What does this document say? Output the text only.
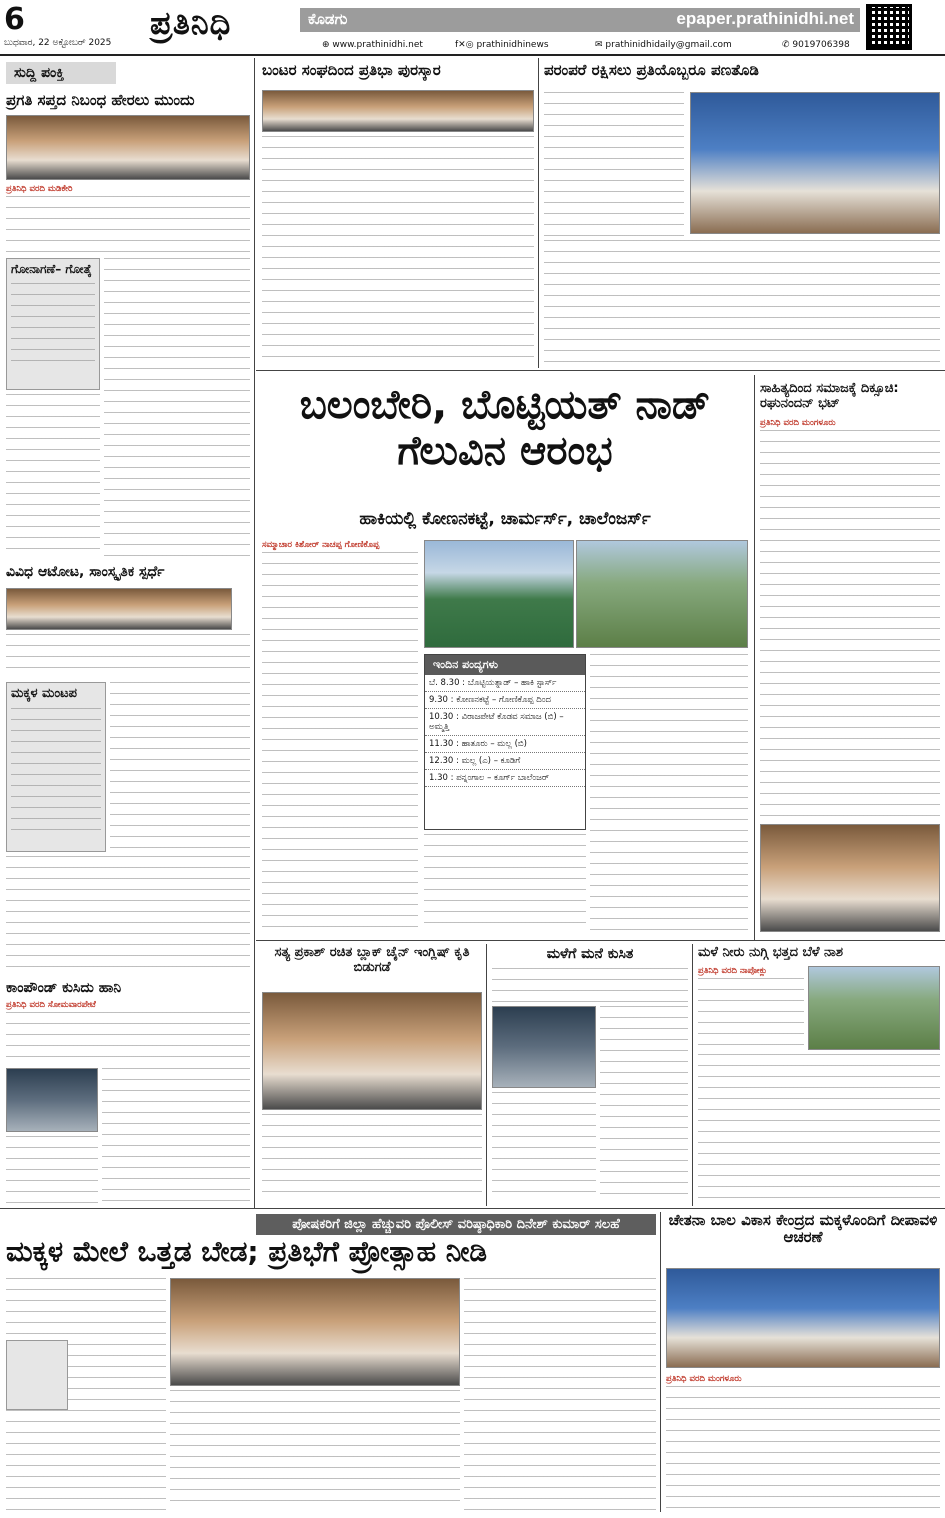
6
ಬುಧವಾರ, 22 ಅಕ್ಟೋಬರ್ 2025
ಪ್ರತಿನಿಧಿ	ಕೊಡಗು	epaper.prathinidhi.net
⊕ www.prathinidhi.net	f✕◎ prathinidhinews	✉ prathinidhidaily@gmail.com	✆ 9019706398
ಸುದ್ದಿ ಪಂಕ್ತಿ
ಪ್ರಗತಿ ಸಪ್ತದ ನಿಬಂಧ ಹೇರಲು ಮುಂದು
ಪ್ರತಿನಿಧಿ ವರದಿ ಮಡಿಕೇರಿ
ಗೋನಾಗಣೆ– ಗೋತ್ಕೆ
ವಿವಿಧ ಆಟೋಟ, ಸಾಂಸ್ಕೃತಿಕ ಸ್ಪರ್ಧೆ
ಮಕ್ಕಳ ಮಂಟಪ
ಕಾಂಪೌಂಡ್ ಕುಸಿದು ಹಾನಿ
ಪ್ರತಿನಿಧಿ ವರದಿ ಸೋಮವಾರಪೇಟೆ
ಬಂಟರ ಸಂಘದಿಂದ ಪ್ರತಿಭಾ ಪುರಸ್ಕಾರ	ಪರಂಪರೆ ರಕ್ಷಿಸಲು ಪ್ರತಿಯೊಬ್ಬರೂ ಪಣತೊಡಿ
ಬಲಂಬೇರಿ, ಬೊಟ್ಟಿಯತ್ ನಾಡ್ ಗೆಲುವಿನ ಆರಂಭ
ಹಾಕಿಯಲ್ಲಿ ಕೋಣನಕಟ್ಟೆ, ಚಾರ್ಮರ್ಸ್, ಚಾಲೆಂಜರ್ಸ್
ಸಮ್ಮಾಚಾರ ಕಿಶೋರ್ ನಾಚಪ್ಪ ಗೋಣಿಕೊಪ್ಪ
ಇಂದಿನ ಪಂದ್ಯಗಳು
ಬೆ. 8.30 : ಬೊಟ್ಟಿಯತ್ನಾಡ್ – ಹಾಕಿ ಸ್ಟಾರ್ಸ್
9.30 : ಕೋಣನಕಟ್ಟೆ – ಗೋಣಿಕೊಪ್ಪ ದಿಂದ
10.30 : ವಿರಾಜಪೇಟೆ ಕೊಡವ ಸಮಾಜ (ಬಿ) – ಅಮ್ಮತ್ತಿ
11.30 : ಹಾತೂರು – ಮಲ್ಲ (ಬಿ)
12.30 : ಮಲ್ಲ (ಎ) – ಕೂಡಿಗೆ
1.30 : ಪನ್ನಂಗಾಲ – ಕೂರ್ಗ್ ಬಾಲೆಂಜರ್
ಸಾಹಿತ್ಯದಿಂದ ಸಮಾಜಕ್ಕೆ ದಿಕ್ಸೂಚಿ: ರಘುನಂದನ್ ಭಟ್
ಪ್ರತಿನಿಧಿ ವರದಿ ಮಂಗಳೂರು
ಸತ್ಯ ಪ್ರಕಾಶ್ ರಚಿತ ಬ್ಲಾಕ್ ಚೈನ್ ಇಂಗ್ಲಿಷ್ ಕೃತಿ ಬಿಡುಗಡೆ
ಮಳೆಗೆ ಮನೆ ಕುಸಿತ	ಮಳೆ ನೀರು ನುಗ್ಗಿ ಭತ್ತದ ಬೆಳೆ ನಾಶ
ಪ್ರತಿನಿಧಿ ವರದಿ ನಾಪೋಕ್ಲು
ಪೋಷಕರಿಗೆ ಜಿಲ್ಲಾ ಹೆಚ್ಚುವರಿ ಪೊಲೀಸ್ ವರಿಷ್ಠಾಧಿಕಾರಿ ದಿನೇಶ್ ಕುಮಾರ್ ಸಲಹೆ
ಮಕ್ಕಳ ಮೇಲೆ ಒತ್ತಡ ಬೇಡ; ಪ್ರತಿಭೆಗೆ ಪ್ರೋತ್ಸಾಹ ನೀಡಿ
ಚೇತನಾ ಬಾಲ ವಿಕಾಸ ಕೇಂದ್ರದ ಮಕ್ಕಳೊಂದಿಗೆ ದೀಪಾವಳಿ ಆಚರಣೆ
ಪ್ರತಿನಿಧಿ ವರದಿ ಮಂಗಳೂರು
